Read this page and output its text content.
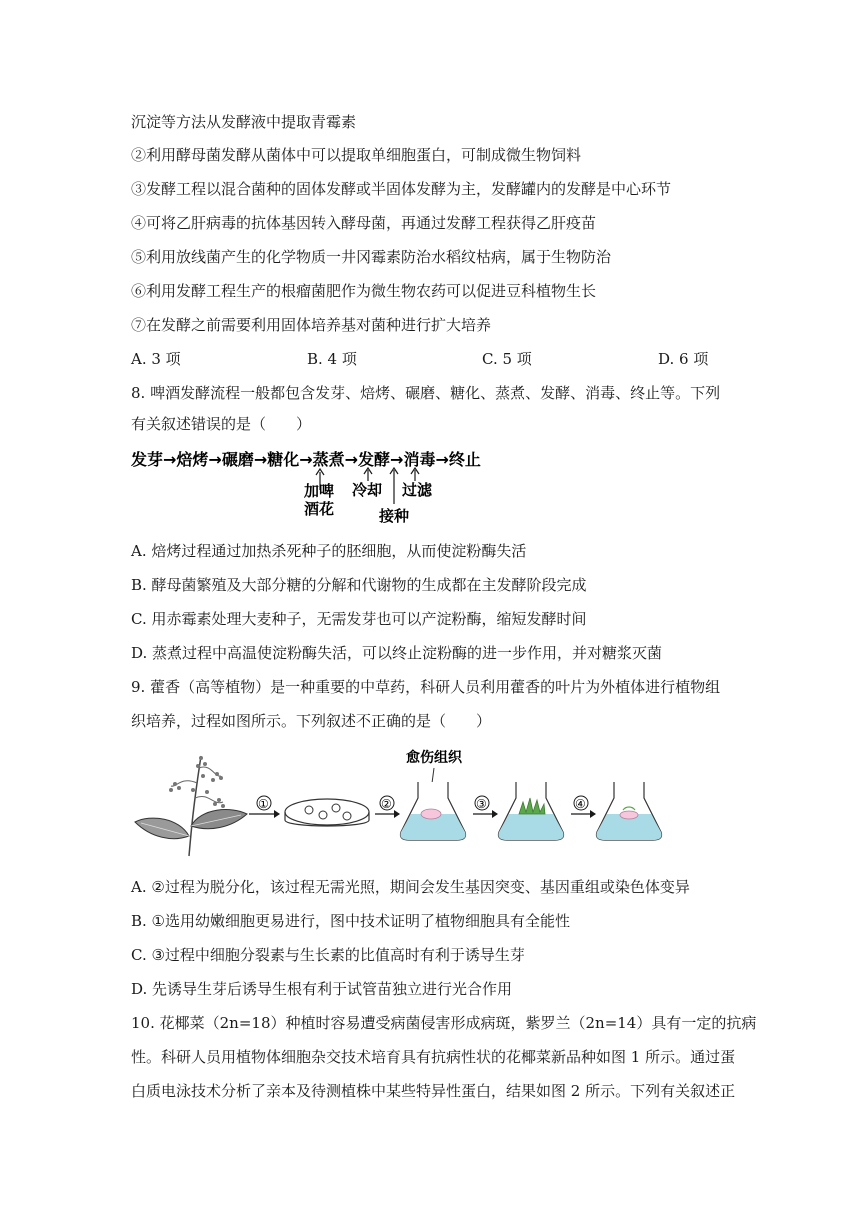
沉淀等方法从发酵液中提取青霉素
②利用酵母菌发酵从菌体中可以提取单细胞蛋白，可制成微生物饲料
③发酵工程以混合菌种的固体发酵或半固体发酵为主，发酵罐内的发酵是中心环节
④可将乙肝病毒的抗体基因转入酵母菌，再通过发酵工程获得乙肝疫苗
⑤利用放线菌产生的化学物质一井冈霉素防治水稻纹枯病，属于生物防治
⑥利用发酵工程生产的根瘤菌肥作为微生物农药可以促进豆科植物生长
⑦在发酵之前需要利用固体培养基对菌种进行扩大培养
A. 3 项	B. 4 项	C. 5 项	D. 6 项
8. 啤酒发酵流程一般都包含发芽、焙烤、碾磨、糖化、蒸煮、发酵、消毒、终止等。下列
有关叙述错误的是（　　）
发芽→焙烤→碾磨→糖化→蒸煮→发酵→消毒→终止
加啤
酒花
冷却
接种
过滤
A. 焙烤过程通过加热杀死种子的胚细胞，从而使淀粉酶失活
B. 酵母菌繁殖及大部分糖的分解和代谢物的生成都在主发酵阶段完成
C. 用赤霉素处理大麦种子，无需发芽也可以产淀粉酶，缩短发酵时间
D. 蒸煮过程中高温使淀粉酶失活，可以终止淀粉酶的进一步作用，并对糖浆灭菌
9. 藿香（高等植物）是一种重要的中草药，科研人员利用藿香的叶片为外植体进行植物组
织培养，过程如图所示。下列叙述不正确的是（　　）
①	②
愈伤组织
③	④
A. ②过程为脱分化，该过程无需光照，期间会发生基因突变、基因重组或染色体变异
B. ①选用幼嫩细胞更易进行，图中技术证明了植物细胞具有全能性
C. ③过程中细胞分裂素与生长素的比值高时有利于诱导生芽
D. 先诱导生芽后诱导生根有利于试管苗独立进行光合作用
10. 花椰菜（2n=18）种植时容易遭受病菌侵害形成病斑，紫罗兰（2n=14）具有一定的抗病
性。科研人员用植物体细胞杂交技术培育具有抗病性状的花椰菜新品种如图 1 所示。通过蛋
白质电泳技术分析了亲本及待测植株中某些特异性蛋白，结果如图 2 所示。下列有关叙述正
